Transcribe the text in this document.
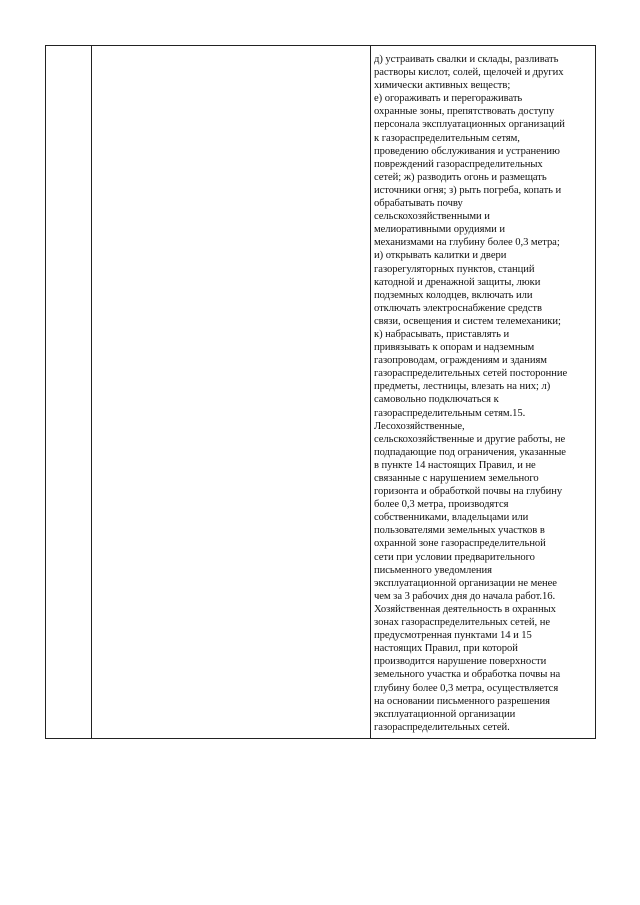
д) устраивать свалки и склады, разливать
растворы кислот, солей, щелочей и других
химически активных веществ;
е) огораживать и перегораживать
охранные зоны, препятствовать доступу
персонала эксплуатационных организаций
к газораспределительным сетям,
проведению обслуживания и устранению
повреждений газораспределительных
сетей; ж) разводить огонь и размещать
источники огня; з) рыть погреба, копать и
обрабатывать почву
сельскохозяйственными и
мелиоративными орудиями и
механизмами на глубину более 0,3 метра;
и) открывать калитки и двери
газорегуляторных пунктов, станций
катодной и дренажной защиты, люки
подземных колодцев, включать или
отключать электроснабжение средств
связи, освещения и систем телемеханики;
к) набрасывать, приставлять и
привязывать к опорам и надземным
газопроводам, ограждениям и зданиям
газораспределительных сетей посторонние
предметы, лестницы, влезать на них; л)
самовольно подключаться к
газораспределительным сетям.15.
Лесохозяйственные,
сельскохозяйственные и другие работы, не
подпадающие под ограничения, указанные
в пункте 14 настоящих Правил, и не
связанные с нарушением земельного
горизонта и обработкой почвы на глубину
более 0,3 метра, производятся
собственниками, владельцами или
пользователями земельных участков в
охранной зоне газораспределительной
сети при условии предварительного
письменного уведомления
эксплуатационной организации не менее
чем за 3 рабочих дня до начала работ.16.
Хозяйственная деятельность в охранных
зонах газораспределительных сетей, не
предусмотренная пунктами 14 и 15
настоящих Правил, при которой
производится нарушение поверхности
земельного участка и обработка почвы на
глубину более 0,3 метра, осуществляется
на основании письменного разрешения
эксплуатационной организации
газораспределительных сетей.
